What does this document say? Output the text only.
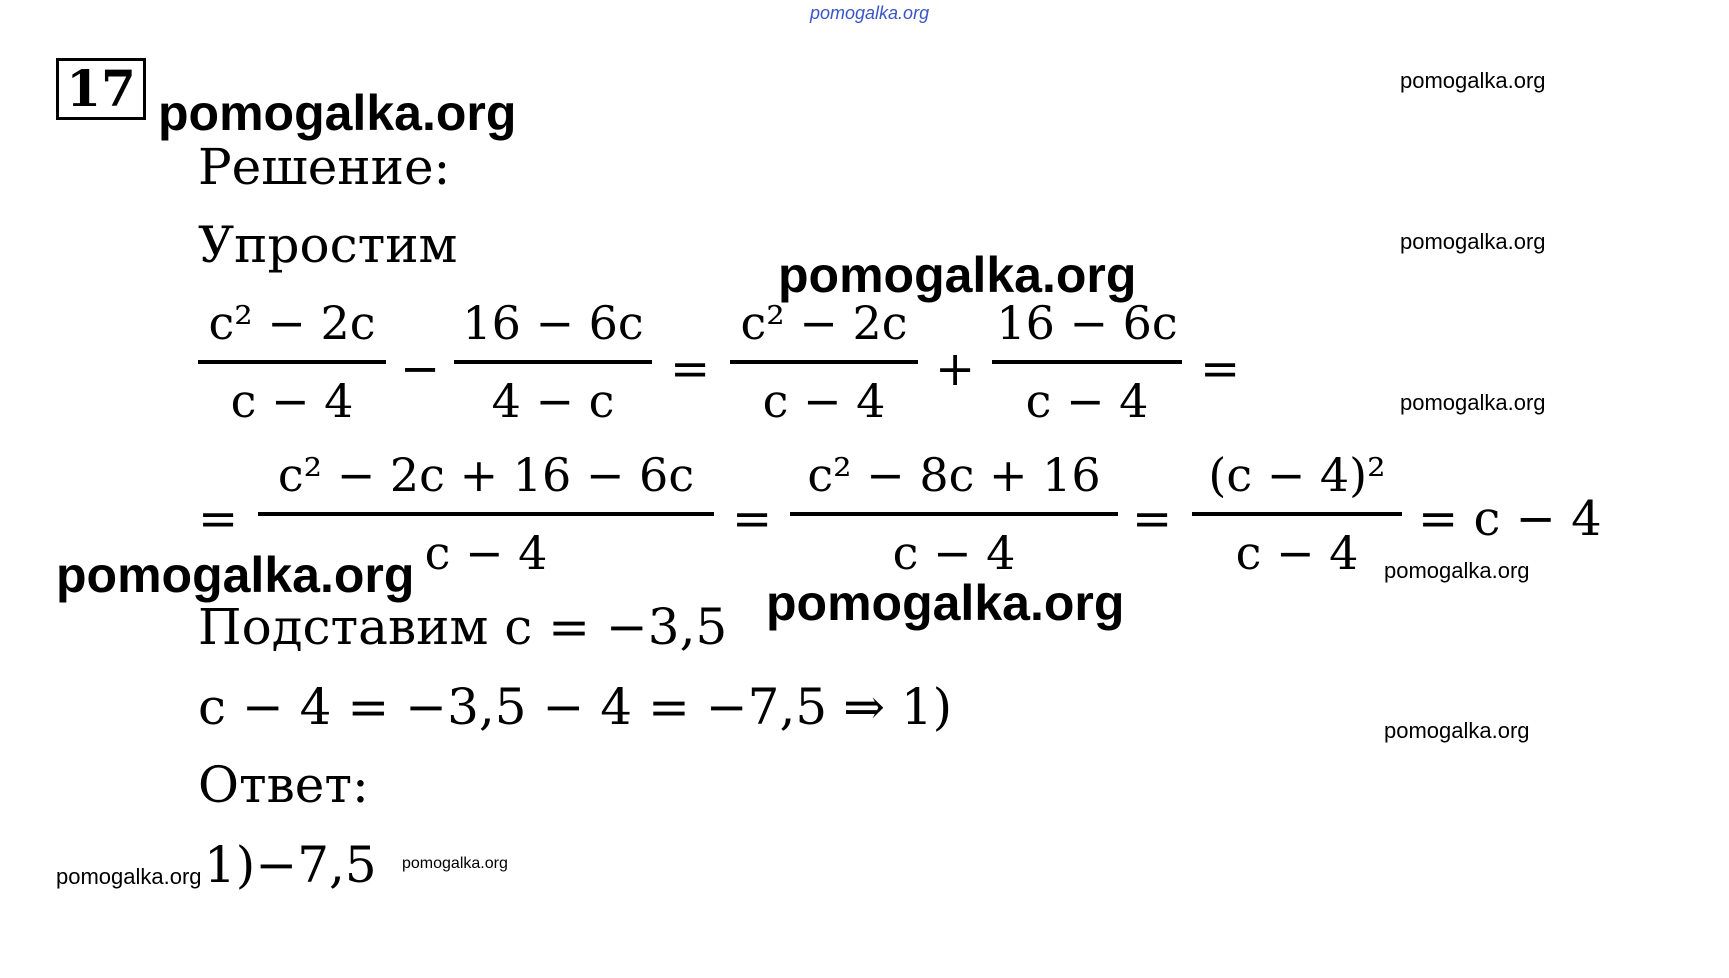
pomogalka.org
17 pomogalka.org
pomogalka.org
pomogalka.org
pomogalka.org
pomogalka.org
pomogalka.org
Решение:
Упростим
pomogalka.org
c² − 2c
c − 4
−
16 − 6c
4 − c
=
c² − 2c
c − 4
+
16 − 6c
c − 4
=
=
c² − 2c + 16 − 6c
c − 4
=
c² − 8c + 16
c − 4
=
(c − 4)²
c − 4
= c − 4
pomogalka.org	pomogalka.org
Подставим c = −3,5
c − 4 = −3,5 − 4 = −7,5 ⇒ 1)
Ответ:
pomogalka.org 1)−7,5 pomogalka.org
